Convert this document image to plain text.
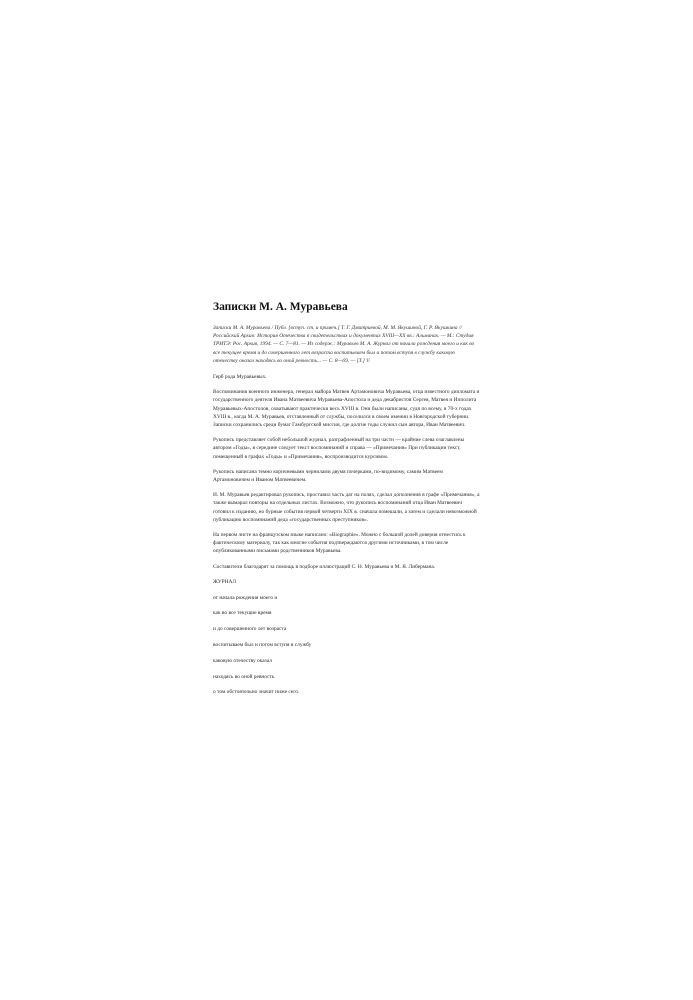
Записки М. А. Муравьева

Записки М. А. Муравьева / Публ. [вступ. ст. и примеч.] Т. Г. Дмитриевой, М. М. Якушиной, Г. Р. Якушкина // Российский Архив: История Отечества в свидетельствах и документах XVIII—XX вв.: Альманах. — М.: Студия ТРИТЭ: Рос. Архив, 1994. — С. 7—81. — Из содерж.: Муравьев М. А. Журнал от начала рождения моего и как во все текущее время и до совершенного лет возраста воспитываем был и потом вступя в службу каковую отечеству оказал находясь во оной ревность... — С. 8—69. — [Т.] V.

Герб рода Муравьевых.

Воспоминания военного инженера, генерал майора Матвея Артамоновича Муравьева, отца известного дипломата и государственного деятеля Ивана Матвеевича Муравьева-Апостола и деда декабристов Сергея, Матвея и Ипполита Муравьевых-Апостолов, охватывают практически весь XVIII в. Они были написаны, судя по всему, в 70-х годах XVIII в., когда М. А. Муравьев, отставленный от службы, поселился в своем имении в Новгородской губернии. Записки сохранились среди бумаг Гамбургской миссии, где долгие годы служил сын автора, Иван Матвеевич.

Рукопись представляет собой небольшой журнал, разграфленный на три части — крайние слева озаглавлены автором «Годы», в середине следует текст воспоминаний и справа — «Примечания» При публикации текст, помещенный в графах «Годы» и «Примечания», воспроизводится курсивом.

Рукопись написана темно коричневыми чернилами двумя почерками, по-видимому, самим Матвеем Артамоновичем и Иваном Матвеевичем.

И. М. Муравьев редактировал рукопись, проставил часть дат на полях, сделал дополнения в графе «Примечания», а также вымарал повторы на отдельных листах. Возможно, что рукопись воспоминаний отца Иван Матвеевич готовил к изданию, но бурные события первой четверти XIX в. сначала помешали, а затем и сделали невозможной публикацию воспоминаний деда «государственных преступников».

На первом листе на французском языке написано: «Biographie». Можно с большой долей доверия отнестись к фактическому материалу, так как многие события подтверждаются другими источниками, в том числе опубликованными письмами родственников Муравьева.

Составители благодарят за помощь в подборе иллюстраций С. Н. Муравьева и М. Я. Либермана.

ЖУРНАЛ

от начала рождения моего и

как во все текущие время

и до совершенного лет возраста

воспитываем был и потом вступя в службу

каковую отечеству оказал

находясь во оной ревность

о том обстоятельно значит ниже сего.
